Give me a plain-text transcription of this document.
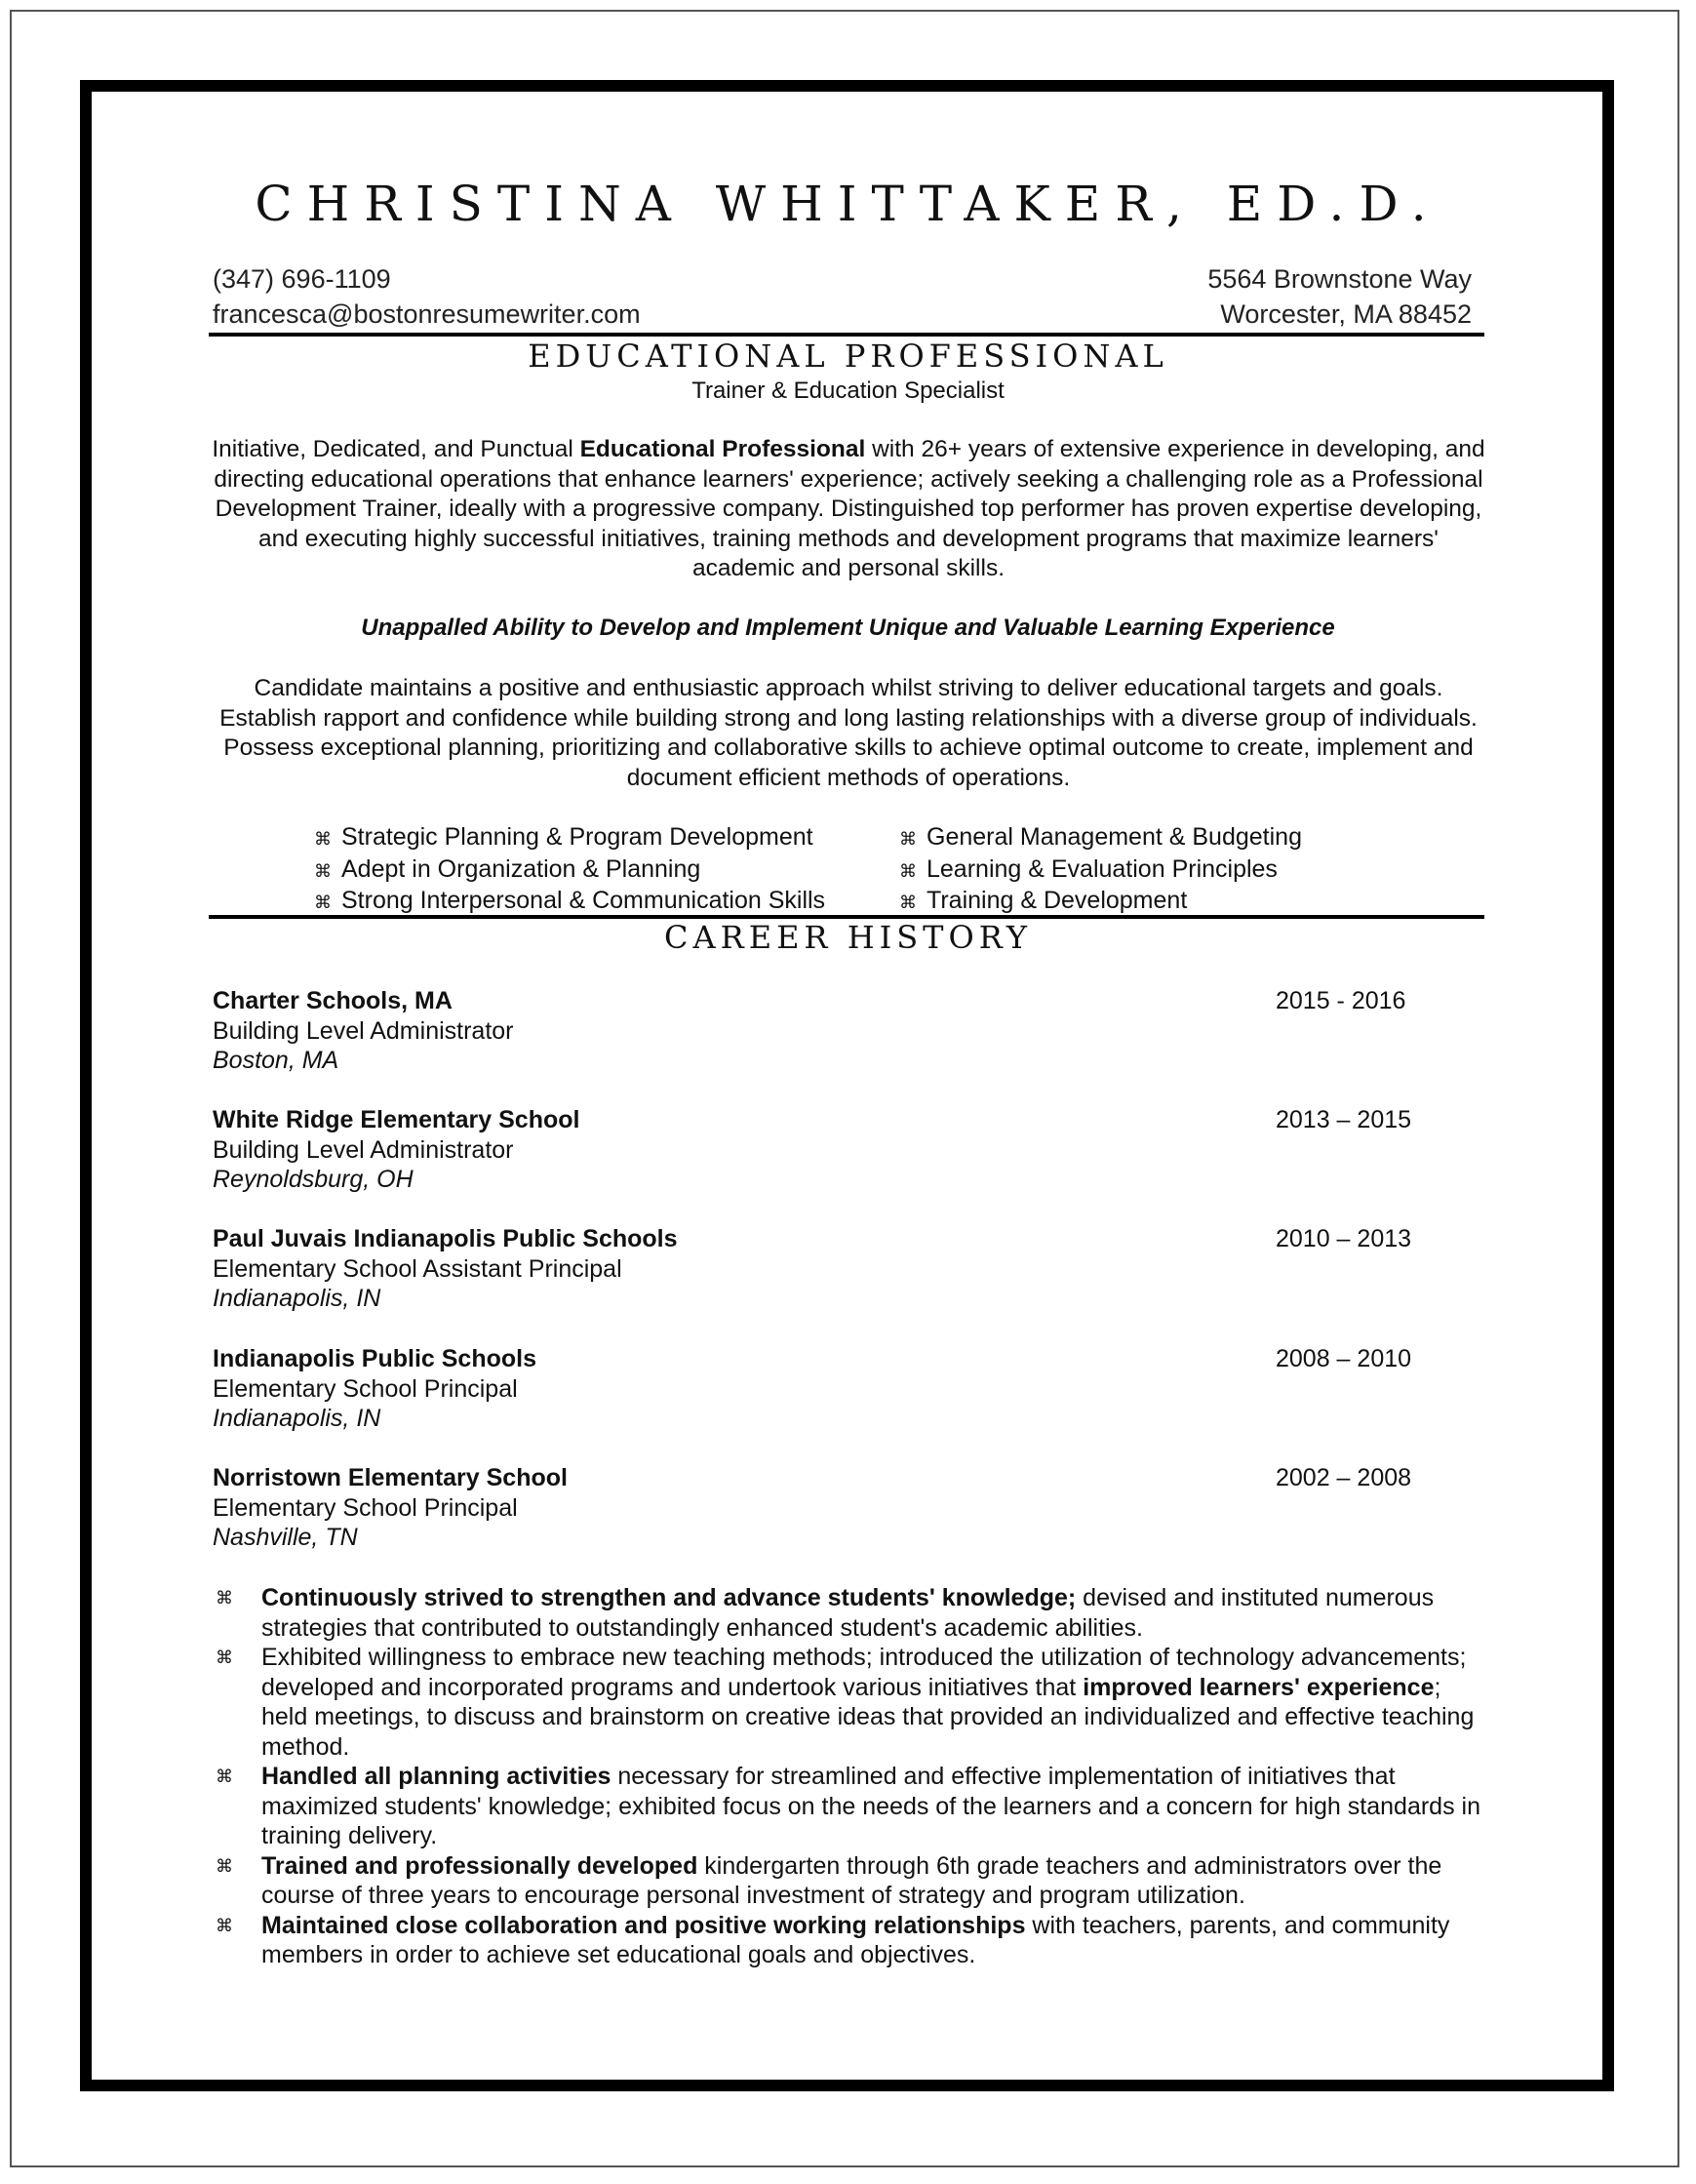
CHRISTINA WHITTAKER, ED.D.
(347) 696-1109
francesca@bostonresumewriter.com
5564 Brownstone Way
Worcester, MA 88452
EDUCATIONAL PROFESSIONAL
Trainer & Education Specialist
Initiative, Dedicated, and Punctual Educational Professional with 26+ years of extensive experience in developing, and directing educational operations that enhance learners' experience; actively seeking a challenging role as a Professional Development Trainer, ideally with a progressive company. Distinguished top performer has proven expertise developing, and executing highly successful initiatives, training methods and development programs that maximize learners' academic and personal skills.
Unappalled Ability to Develop and Implement Unique and Valuable Learning Experience
Candidate maintains a positive and enthusiastic approach whilst striving to deliver educational targets and goals. Establish rapport and confidence while building strong and long lasting relationships with a diverse group of individuals. Possess exceptional planning, prioritizing and collaborative skills to achieve optimal outcome to create, implement and document efficient methods of operations.
⌘ Strategic Planning & Program Development	⌘ General Management & Budgeting
⌘ Adept in Organization & Planning	⌘ Learning & Evaluation Principles
⌘ Strong Interpersonal & Communication Skills	⌘ Training & Development
CAREER HISTORY
Charter Schools, MA
Building Level Administrator
Boston, MA
2015 - 2016
White Ridge Elementary School
Building Level Administrator
Reynoldsburg, OH
2013 – 2015
Paul Juvais Indianapolis Public Schools
Elementary School Assistant Principal
Indianapolis, IN
2010 – 2013
Indianapolis Public Schools
Elementary School Principal
Indianapolis, IN
2008 – 2010
Norristown Elementary School
Elementary School Principal
Nashville, TN
2002 – 2008
⌘ Continuously strived to strengthen and advance students' knowledge; devised and instituted numerous strategies that contributed to outstandingly enhanced student's academic abilities.
⌘ Exhibited willingness to embrace new teaching methods; introduced the utilization of technology advancements; developed and incorporated programs and undertook various initiatives that improved learners' experience; held meetings, to discuss and brainstorm on creative ideas that provided an individualized and effective teaching method.
⌘ Handled all planning activities necessary for streamlined and effective implementation of initiatives that maximized students' knowledge; exhibited focus on the needs of the learners and a concern for high standards in training delivery.
⌘ Trained and professionally developed kindergarten through 6th grade teachers and administrators over the course of three years to encourage personal investment of strategy and program utilization.
⌘ Maintained close collaboration and positive working relationships with teachers, parents, and community members in order to achieve set educational goals and objectives.
